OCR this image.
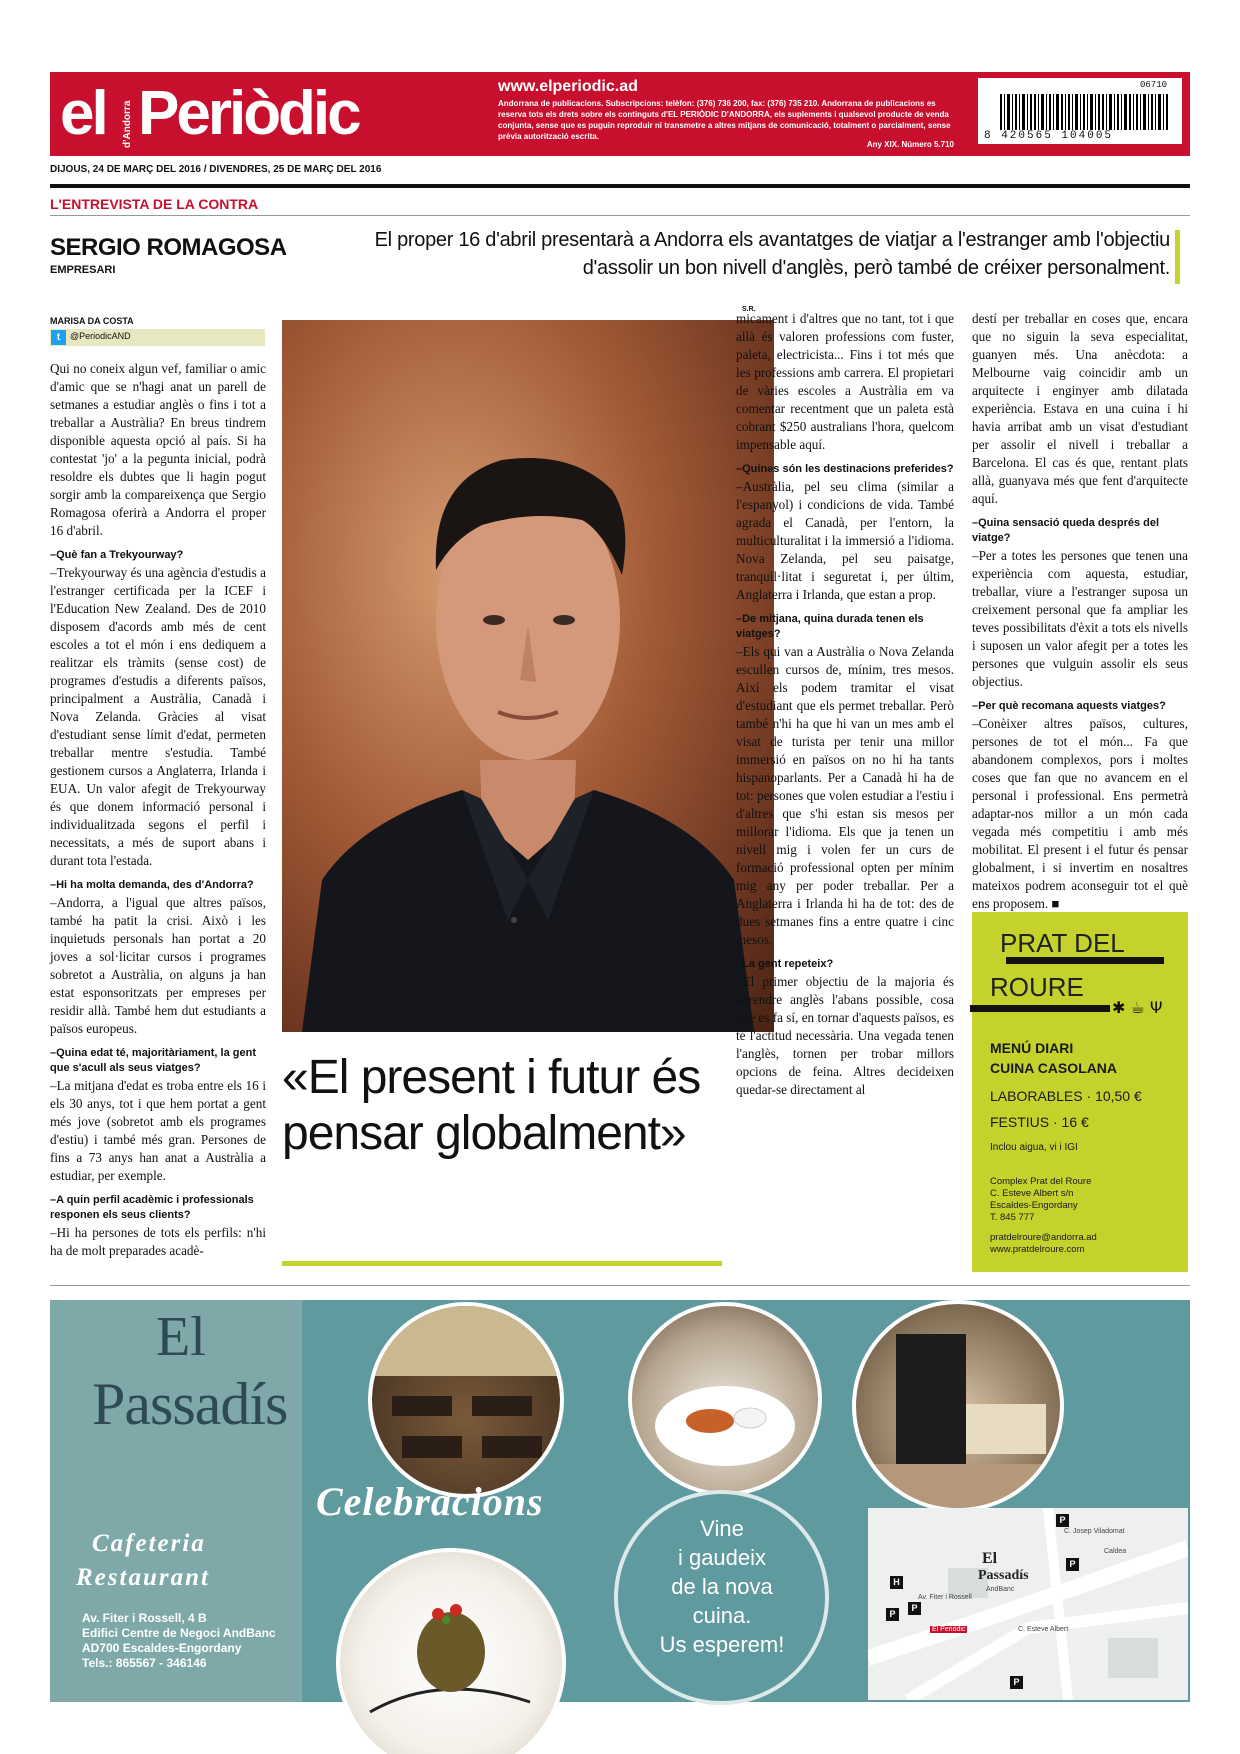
el d'Andorra Periòdic	www.elperiodic.ad
Andorrana de publicacions. Subscripcions: telèfon: (376) 736 200, fax: (376) 735 210. Andorrana de publicacions es reserva tots els drets sobre els continguts d'EL PERIÒDIC D'ANDORRA, els suplements i qualsevol producte de venda conjunta, sense que es puguin reproduir ni transmetre a altres mitjans de comunicació, totalment o parcialment, sense prèvia autorització escrita.
Any XIX. Número 5.710
06710
8 420565 104005
DIJOUS, 24 DE MARÇ DEL 2016 / DIVENDRES, 25 DE MARÇ DEL 2016
L'ENTREVISTA DE LA CONTRA
SERGIO ROMAGOSA
EMPRESARI
El proper 16 d'abril presentarà a Andorra els avantatges de viatjar a l'estranger amb l'objectiu d'assolir un bon nivell d'anglès, però també de créixer personalment.
MARISA DA COSTA
t	@PeriodicAND

Qui no coneix algun vef, familiar o amic d'amic que se n'hagi anat un parell de setmanes a estudiar anglès o fins i tot a treballar a Austràlia? En breus tindrem disponible aquesta opció al país. Si ha contestat 'jo' a la pegunta inicial, podrà resoldre els dubtes que li hagin pogut sorgir amb la compareixença que Sergio Romagosa oferirà a Andorra el proper 16 d'abril.

–Què fan a Trekyourway?

–Trekyourway és una agència d'estudis a l'estranger certificada per la ICEF i l'Education New Zealand. Des de 2010 disposem d'acords amb més de cent escoles a tot el món i ens dediquem a realitzar els tràmits (sense cost) de programes d'estudis a diferents països, principalment a Austràlia, Canadà i Nova Zelanda. Gràcies al visat d'estudiant sense límit d'edat, permeten treballar mentre s'estudia. També gestionem cursos a Anglaterra, Irlanda i EUA. Un valor afegit de Trekyourway és que donem informació personal i individualitzada segons el perfil i necessitats, a més de suport abans i durant tota l'estada.

–Hi ha molta demanda, des d'Andorra?

–Andorra, a l'igual que altres països, també ha patit la crisi. Això i les inquietuds personals han portat a 20 joves a sol·licitar cursos i programes sobretot a Austràlia, on alguns ja han estat esponsoritzats per empreses per residir allà. També hem dut estudiants a països europeus.

–Quina edat té, majoritàriament, la gent que s'acull als seus viatges?

–La mitjana d'edat es troba entre els 16 i els 30 anys, tot i que hem portat a gent més jove (sobretot amb els programes d'estiu) i també més gran. Persones de fins a 73 anys han anat a Austràlia a estudiar, per exemple.

–A quin perfil acadèmic i professionals responen els seus clients?

–Hi ha persones de tots els perfils: n'hi ha de molt preparades acadè-

S.R.
«El present i futur és pensar globalment»

micament i d'altres que no tant, tot i que allà és valoren professions com fuster, paleta, electricista... Fins i tot més que les professions amb carrera. El propietari de vàries escoles a Austràlia em va comentar recentment que un paleta està cobrant $250 australians l'hora, quelcom impensable aquí.

–Quines són les destinacions preferides?

–Austràlia, pel seu clima (similar a l'espanyol) i condicions de vida. També agrada el Canadà, per l'entorn, la multiculturalitat i la immersió a l'idioma. Nova Zelanda, pel seu paisatge, tranquil·litat i seguretat i, per últim, Anglaterra i Irlanda, que estan a prop.

–De mitjana, quina durada tenen els viatges?

–Els qui van a Austràlia o Nova Zelanda escullen cursos de, mínim, tres mesos. Així els podem tramitar el visat d'estudiant que els permet treballar. Però també n'hi ha que hi van un mes amb el visat de turista per tenir una millor immersió en països on no hi ha tants hispanoparlants. Per a Canadà hi ha de tot: persones que volen estudiar a l'estiu i d'altres que s'hi estan sis mesos per millorar l'idioma. Els que ja tenen un nivell mig i volen fer un curs de formació professional opten per mínim mig any per poder treballar. Per a Anglaterra i Irlanda hi ha de tot: des de dues setmanes fins a entre quatre i cinc mesos.

–La gent repeteix?

–El primer objectiu de la majoria és aprendre anglès l'abans possible, cosa que es fa sí, en tornar d'aquests països, es té l'actitud necessària. Una vegada tenen l'anglès, tornen per trobar millors opcions de feina. Altres decideixen quedar-se directament al

destí per treballar en coses que, encara que no siguin la seva especialitat, guanyen més. Una anècdota: a Melbourne vaig coincidir amb un arquitecte i enginyer amb dilatada experiència. Estava en una cuina i hi havia arribat amb un visat d'estudiant per assolir el nivell i treballar a Barcelona. El cas és que, rentant plats allà, guanyava més que fent d'arquitecte aquí.

–Quina sensació queda després del viatge?

–Per a totes les persones que tenen una experiència com aquesta, estudiar, treballar, viure a l'estranger suposa un creixement personal que fa ampliar les teves possibilitats d'èxit a tots els nivells i suposen un valor afegit per a totes les persones que vulguin assolir els seus objectius.

–Per què recomana aquests viatges?

–Conèixer altres països, cultures, persones de tot el món... Fa que abandonem complexos, pors i moltes coses que fan que no avancem en el personal i professional. Ens permetrà adaptar-nos millor a un món cada vegada més competitiu i amb més mobilitat. El present i el futur és pensar globalment, i si invertim en nosaltres mateixos podrem aconseguir tot el què ens proposem. ■

PRAT DEL
ROURE
✱ ☕ Ψ
MENÚ DIARI
CUINA CASOLANA
LABORABLES · 10,50 €
FESTIUS · 16 €
Inclou aigua, vi i IGI
Complex Prat del Roure
C. Esteve Albert s/n
Escaldes-Engordany
T. 845 777
pratdelroure@andorra.ad
www.pratdelroure.com
El
Passadís
Cafeteria
Restaurant
Av. Fiter i Rossell, 4 B
Edifici Centre de Negoci AndBanc
AD700 Escaldes-Engordany
Tels.: 865567 - 346146
Celebracions
Vine
i gaudeix
de la nova
cuina.
Us esperem!
El
Passadís
AndBanc
El Periòdic
Av. Fiter i Rossell
C. Esteve Albert
C. Josep Viladomat
Caldea
H
P
P
P
P
P
